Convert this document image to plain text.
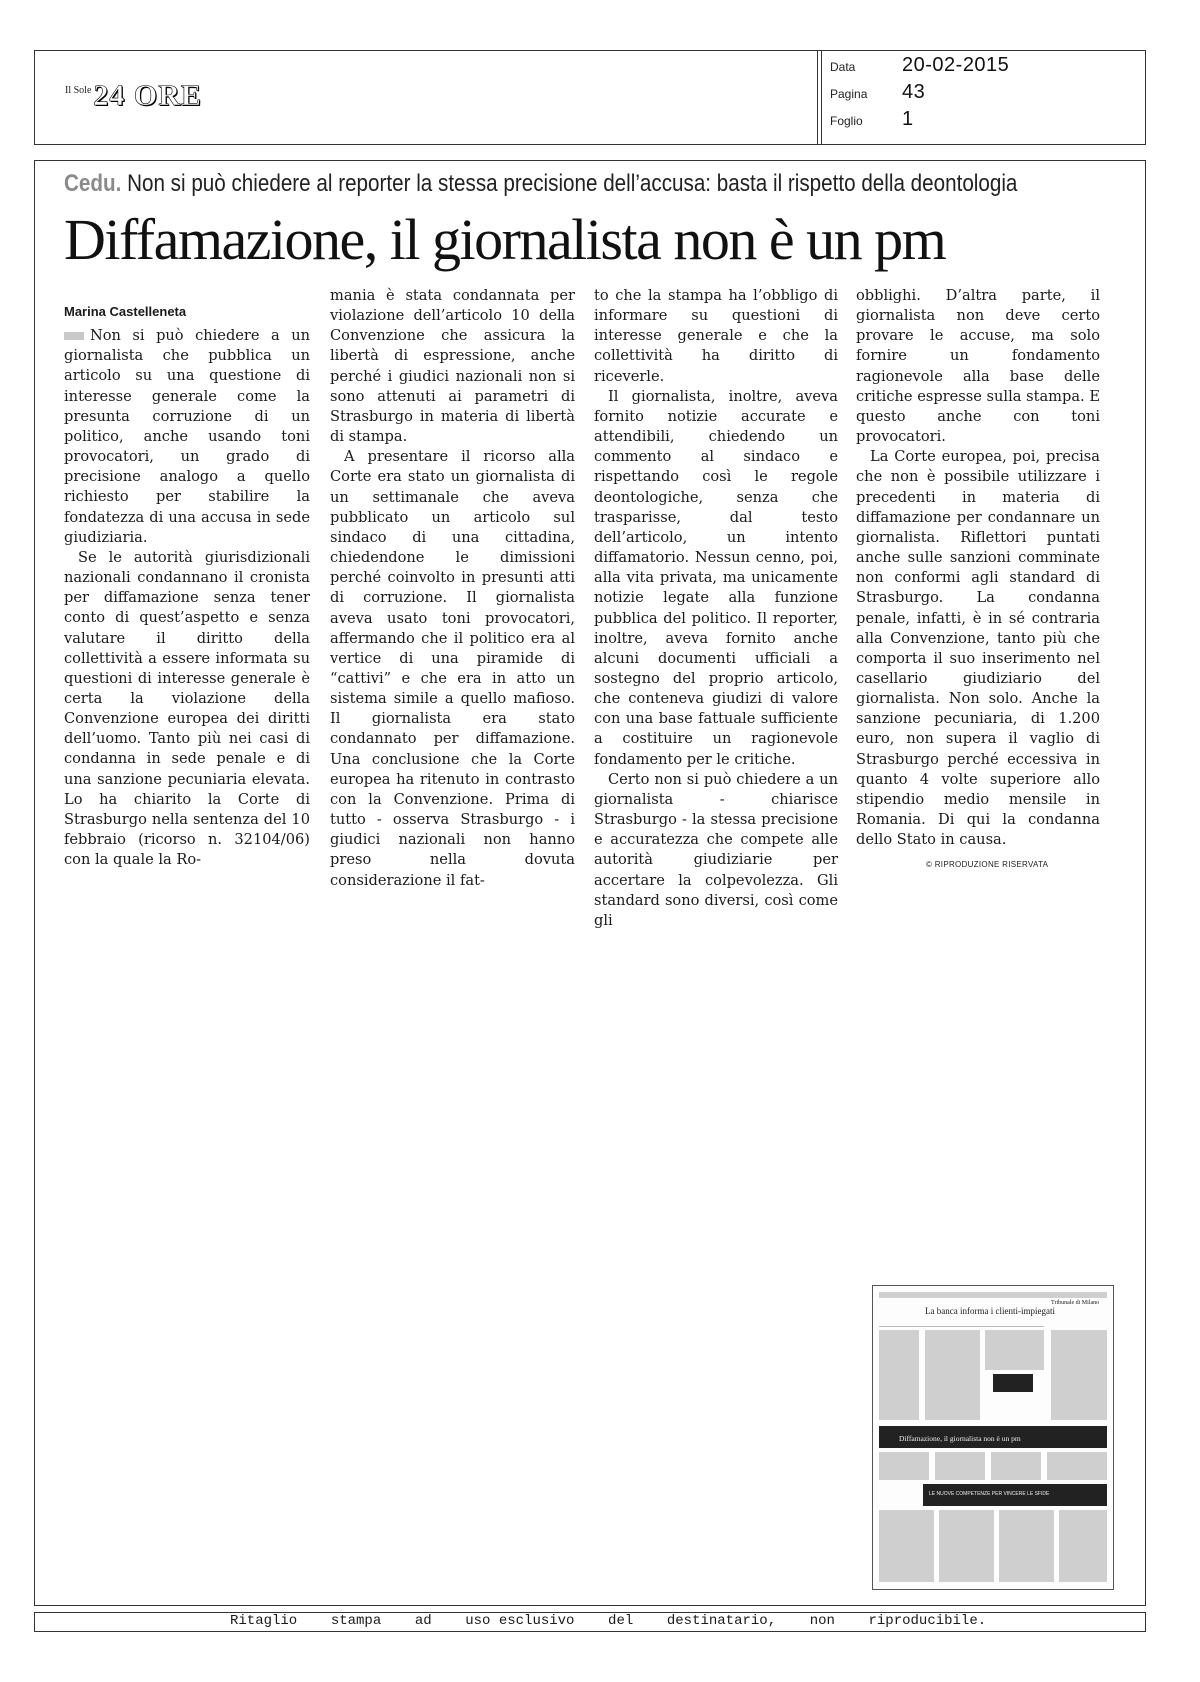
Il Sole 24 ORE
Data	20-02-2015
Pagina	43
Foglio	1
Cedu. Non si può chiedere al reporter la stessa precisione dell’accusa: basta il rispetto della deontologia
Diffamazione, il giornalista non è un pm
Marina Castelleneta

Non si può chiedere a un giornalista che pubblica un articolo su una questione di interesse generale come la presunta corruzione di un politico, anche usando toni provocatori, un grado di precisione analogo a quello richiesto per stabilire la fondatezza di una accusa in sede giudiziaria.

Se le autorità giurisdizionali nazionali condannano il cronista per diffamazione senza tener conto di quest’aspetto e senza valutare il diritto della collettività a essere informata su questioni di interesse generale è certa la violazione della Convenzione europea dei diritti dell’uomo. Tanto più nei casi di condanna in sede penale e di una sanzione pecuniaria elevata. Lo ha chiarito la Corte di Strasburgo nella sentenza del 10 febbraio (ricorso n. 32104/06) con la quale la Ro-

mania è stata condannata per violazione dell’articolo 10 della Convenzione che assicura la libertà di espressione, anche perché i giudici nazionali non si sono attenuti ai parametri di Strasburgo in materia di libertà di stampa.

A presentare il ricorso alla Corte era stato un giornalista di un settimanale che aveva pubblicato un articolo sul sindaco di una cittadina, chiedendone le dimissioni perché coinvolto in presunti atti di corruzione. Il giornalista aveva usato toni provocatori, affermando che il politico era al vertice di una piramide di “cattivi” e che era in atto un sistema simile a quello mafioso. Il giornalista era stato condannato per diffamazione. Una conclusione che la Corte europea ha ritenuto in contrasto con la Convenzione. Prima di tutto - osserva Strasburgo - i giudici nazionali non hanno preso nella dovuta considerazione il fat-

to che la stampa ha l’obbligo di informare su questioni di interesse generale e che la collettività ha diritto di riceverle.

Il giornalista, inoltre, aveva fornito notizie accurate e attendibili, chiedendo un commento al sindaco e rispettando così le regole deontologiche, senza che trasparisse, dal testo dell’articolo, un intento diffamatorio. Nessun cenno, poi, alla vita privata, ma unicamente notizie legate alla funzione pubblica del politico. Il reporter, inoltre, aveva fornito anche alcuni documenti ufficiali a sostegno del proprio articolo, che conteneva giudizi di valore con una base fattuale sufficiente a costituire un ragionevole fondamento per le critiche.

Certo non si può chiedere a un giornalista - chiarisce Strasburgo - la stessa precisione e accuratezza che compete alle autorità giudiziarie per accertare la colpevolezza. Gli standard sono diversi, così come gli

obblighi. D’altra parte, il giornalista non deve certo provare le accuse, ma solo fornire un fondamento ragionevole alla base delle critiche espresse sulla stampa. E questo anche con toni provocatori.

La Corte europea, poi, precisa che non è possibile utilizzare i precedenti in materia di diffamazione per condannare un giornalista. Riflettori puntati anche sulle sanzioni comminate non conformi agli standard di Strasburgo. La condanna penale, infatti, è in sé contraria alla Convenzione, tanto più che comporta il suo inserimento nel casellario giudiziario del giornalista. Non solo. Anche la sanzione pecuniaria, di 1.200 euro, non supera il vaglio di Strasburgo perché eccessiva in quanto 4 volte superiore allo stipendio medio mensile in Romania. Di qui la condanna dello Stato in causa.

© RIPRODUZIONE RISERVATA
La banca informa i clienti-impiegati
Tribunale di Milano
Diffamazione, il giornalista non è un pm
LE NUOVE COMPETENZE PER VINCERE LE SFIDE
Ritaglio    stampa    ad    uso esclusivo    del    destinatario,    non    riproducibile.
